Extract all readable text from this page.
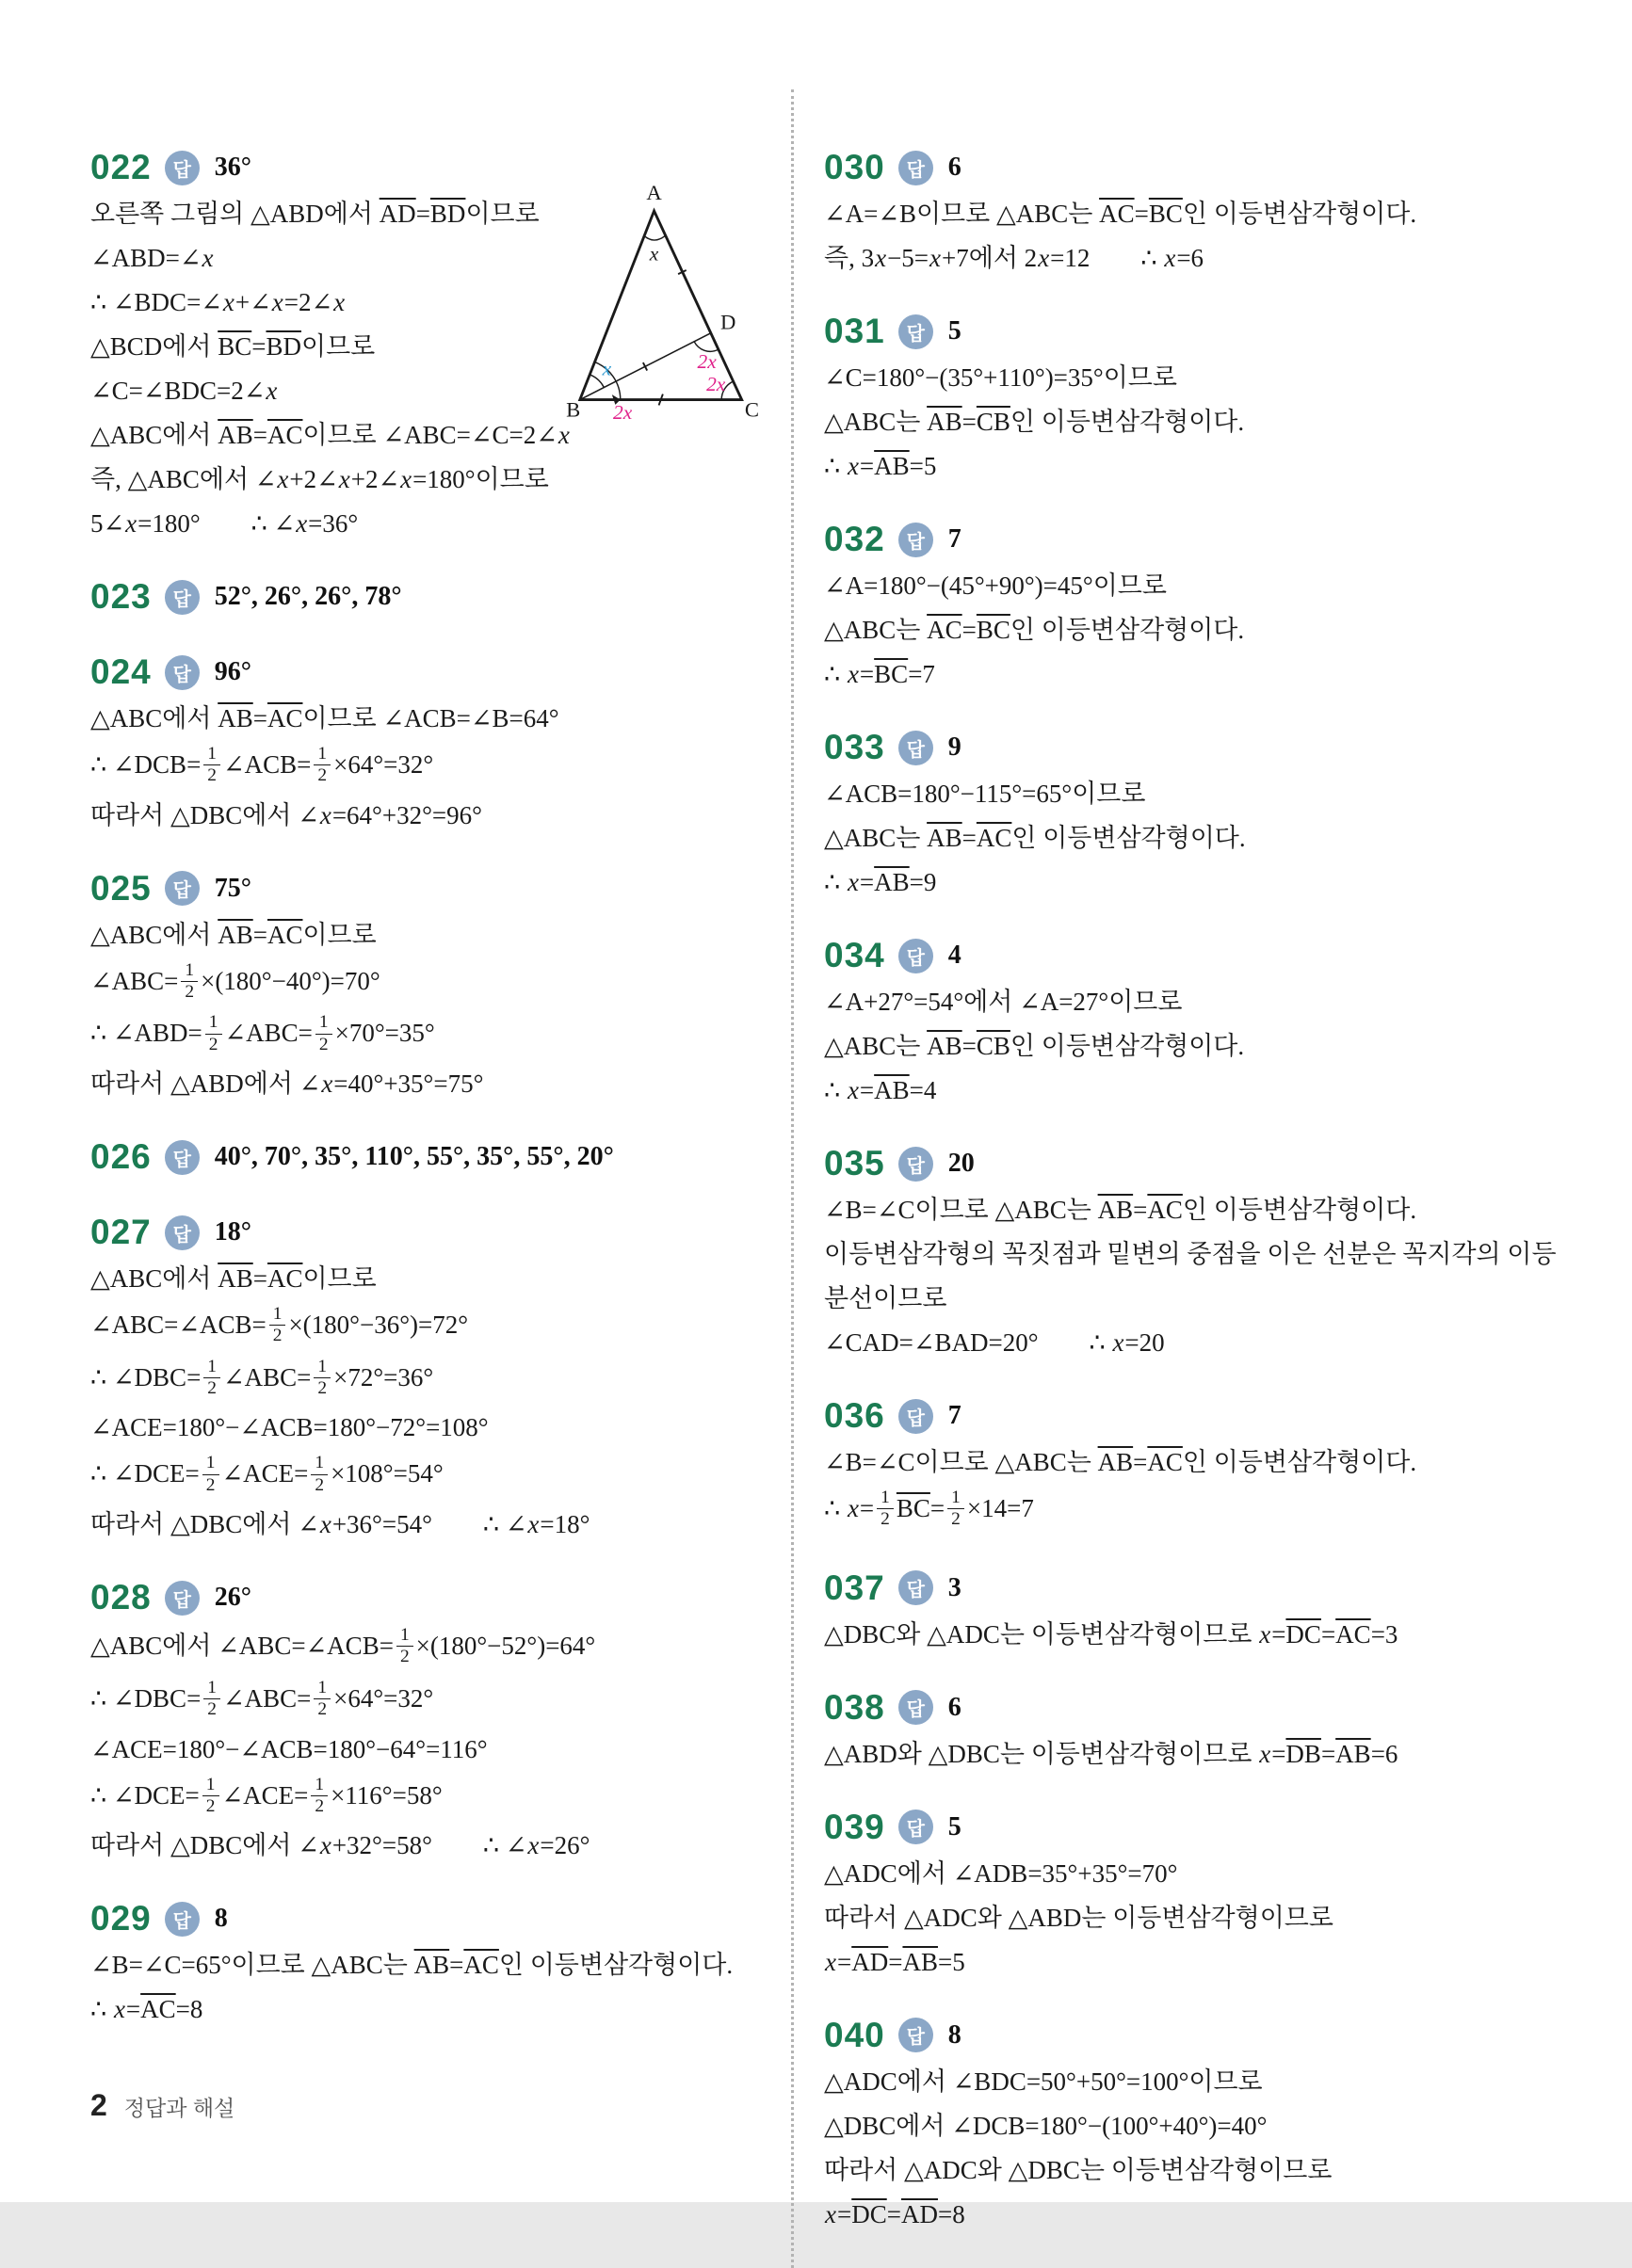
022	답 36°
A
B	C
D
x
x
2x
2x
2x
오른쪽 그림의 △ABD에서 $\overline{AD}=\overline{BD}$이므로
∠ABD=∠x
∴ ∠BDC=∠x+∠x=2∠x
△BCD에서 $\overline{BC}=\overline{BD}$이므로
∠C=∠BDC=2∠x
△ABC에서 $\overline{AB}=\overline{AC}$이므로 ∠ABC=∠C=2∠x
즉, △ABC에서 ∠x+2∠x+2∠x=180°이므로
5∠x=180°  ∴ ∠x=36°
023	답 52°, 26°, 26°, 78°
024	답 96°
△ABC에서 $\overline{AB}=\overline{AC}$이므로 ∠ACB=∠B=64°
∴ ∠DCB= $\frac{1}{2}$ ∠ACB= $\frac{1}{2} \times 64^\circ=32^\circ$
따라서 △DBC에서 ∠x=64°+32°=96°
025	답 75°
△ABC에서 $\overline{AB}=\overline{AC}$이므로
∠ABC= $\frac{1}{2} \times(180^\circ-40^\circ)=70^\circ$
∴ ∠ABD= $\frac{1}{2}$ ∠ABC= $\frac{1}{2} \times 70^\circ=35^\circ$
따라서 △ABD에서 ∠x=40°+35°=75°
026	답 40°, 70°, 35°, 110°, 55°, 35°, 55°, 20°
027	답 18°
△ABC에서 $\overline{AB}=\overline{AC}$이므로
∠ABC=∠ACB= $\frac{1}{2} \times(180^\circ-36^\circ)=72^\circ$
∴ ∠DBC= $\frac{1}{2}$ ∠ABC= $\frac{1}{2} \times 72^\circ=36^\circ$
∠ACE=180°−∠ACB=180°−72°=108°
∴ ∠DCE= $\frac{1}{2}$ ∠ACE= $\frac{1}{2} \times 108^\circ=54^\circ$
따라서 △DBC에서 ∠x+36°=54°  ∴ ∠x=18°
028	답 26°
△ABC에서 ∠ABC=∠ACB= $\frac{1}{2} \times(180^\circ-52^\circ)=64^\circ$
∴ ∠DBC= $\frac{1}{2}$ ∠ABC= $\frac{1}{2} \times 64^\circ=32^\circ$
∠ACE=180°−∠ACB=180°−64°=116°
∴ ∠DCE= $\frac{1}{2}$ ∠ACE= $\frac{1}{2} \times 116^\circ=58^\circ$
따라서 △DBC에서 ∠x+32°=58°  ∴ ∠x=26°
029	답 8
∠B=∠C=65°이므로 △ABC는 $\overline{AB}=\overline{AC}$인 이등변삼각형이다.
∴ $x=\overline{AC}=8$
030	답 6
∠A=∠B이므로 △ABC는 $\overline{AC}=\overline{BC}$인 이등변삼각형이다.
즉, 3x−5=x+7에서 2x=12  ∴ x=6
031	답 5
∠C=180°−(35°+110°)=35°이므로
△ABC는 $\overline{AB}=\overline{CB}$인 이등변삼각형이다.
∴ $x=\overline{AB}=5$
032	답 7
∠A=180°−(45°+90°)=45°이므로
△ABC는 $\overline{AC}=\overline{BC}$인 이등변삼각형이다.
∴ $x=\overline{BC}=7$
033	답 9
∠ACB=180°−115°=65°이므로
△ABC는 $\overline{AB}=\overline{AC}$인 이등변삼각형이다.
∴ $x=\overline{AB}=9$
034	답 4
∠A+27°=54°에서 ∠A=27°이므로
△ABC는 $\overline{AB}=\overline{CB}$인 이등변삼각형이다.
∴ $x=\overline{AB}=4$
035	답 20
∠B=∠C이므로 △ABC는 $\overline{AB}=\overline{AC}$인 이등변삼각형이다.
이등변삼각형의 꼭짓점과 밑변의 중점을 이은 선분은 꼭지각의 이등
분선이므로
∠CAD=∠BAD=20°  ∴ x=20
036	답 7
∠B=∠C이므로 △ABC는 $\overline{AB}=\overline{AC}$인 이등변삼각형이다.
∴ $x= \frac{1}{2} \overline{BC}= \frac{1}{2} \times 14=7$
037	답 3
△DBC와 △ADC는 이등변삼각형이므로 $x=\overline{DC}=\overline{AC}=3$
038	답 6
△ABD와 △DBC는 이등변삼각형이므로 $x=\overline{DB}=\overline{AB}=6$
039	답 5
△ADC에서 ∠ADB=35°+35°=70°
따라서 △ADC와 △ABD는 이등변삼각형이므로
$x=\overline{AD}=\overline{AB}=5$
040	답 8
△ADC에서 ∠BDC=50°+50°=100°이므로
△DBC에서 ∠DCB=180°−(100°+40°)=40°
따라서 △ADC와 △DBC는 이등변삼각형이므로
$x=\overline{DC}=\overline{AD}=8$
2 정답과 해설
